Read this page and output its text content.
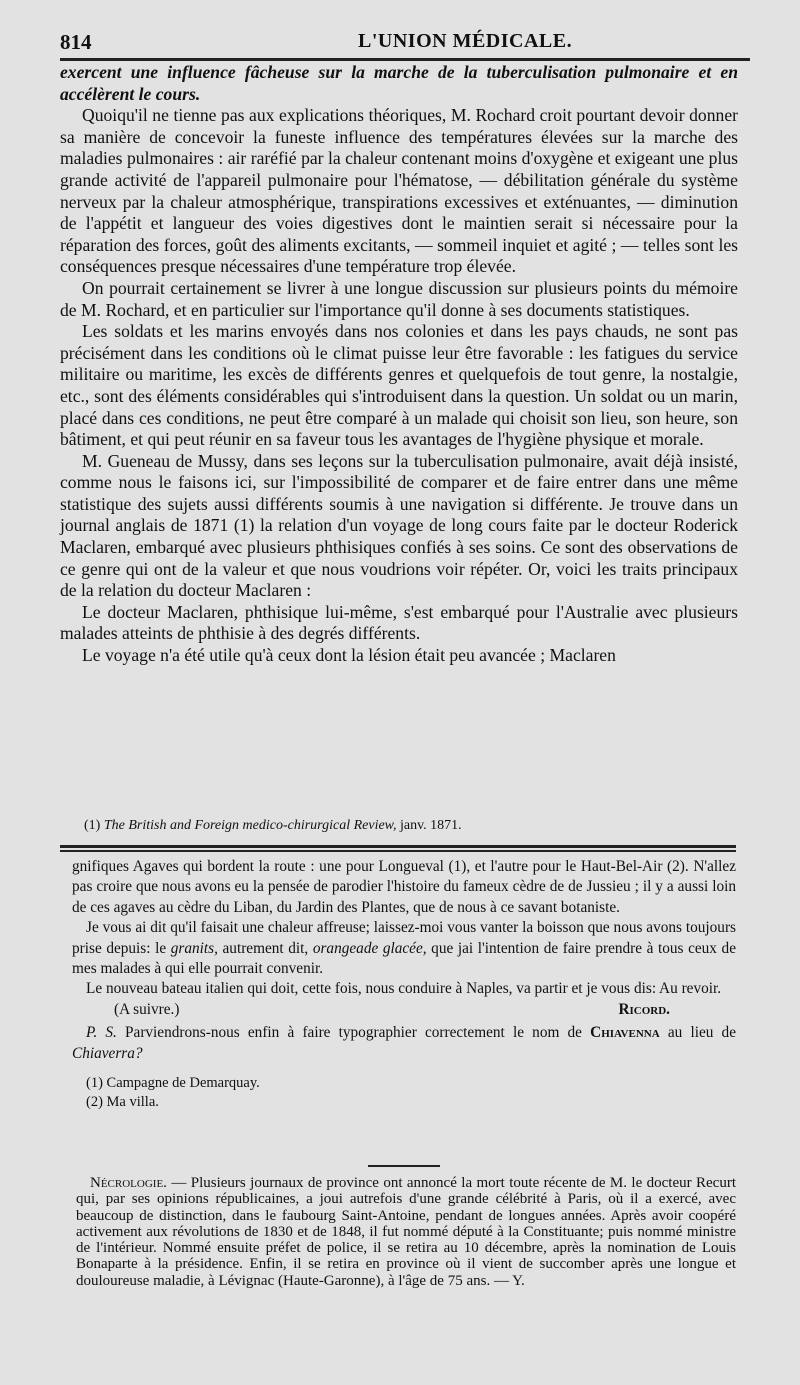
814	L'UNION MÉDICALE.

exercent une influence fâcheuse sur la marche de la tuberculisation pulmonaire et en accélèrent le cours.

Quoiqu'il ne tienne pas aux explications théoriques, M. Rochard croit pourtant devoir donner sa manière de concevoir la funeste influence des températures élevées sur la marche des maladies pulmonaires : air raréfié par la chaleur contenant moins d'oxygène et exigeant une plus grande activité de l'appareil pulmonaire pour l'hématose, — débilitation générale du système nerveux par la chaleur atmosphérique, transpirations excessives et exténuantes, — diminution de l'appétit et langueur des voies digestives dont le maintien serait si nécessaire pour la réparation des forces, goût des aliments excitants, — sommeil inquiet et agité ; — telles sont les conséquences presque nécessaires d'une température trop élevée.

On pourrait certainement se livrer à une longue discussion sur plusieurs points du mémoire de M. Rochard, et en particulier sur l'importance qu'il donne à ses documents statistiques.

Les soldats et les marins envoyés dans nos colonies et dans les pays chauds, ne sont pas précisément dans les conditions où le climat puisse leur être favorable : les fatigues du service militaire ou maritime, les excès de différents genres et quelquefois de tout genre, la nostalgie, etc., sont des éléments considérables qui s'introduisent dans la question. Un soldat ou un marin, placé dans ces conditions, ne peut être comparé à un malade qui choisit son lieu, son heure, son bâtiment, et qui peut réunir en sa faveur tous les avantages de l'hygiène physique et morale.

M. Gueneau de Mussy, dans ses leçons sur la tuberculisation pulmonaire, avait déjà insisté, comme nous le faisons ici, sur l'impossibilité de comparer et de faire entrer dans une même statistique des sujets aussi différents soumis à une navigation si différente. Je trouve dans un journal anglais de 1871 (1) la relation d'un voyage de long cours faite par le docteur Roderick Maclaren, embarqué avec plusieurs phthisiques confiés à ses soins. Ce sont des observations de ce genre qui ont de la valeur et que nous voudrions voir répéter. Or, voici les traits principaux de la relation du docteur Maclaren :

Le docteur Maclaren, phthisique lui-même, s'est embarqué pour l'Australie avec plusieurs malades atteints de phthisie à des degrés différents.

Le voyage n'a été utile qu'à ceux dont la lésion était peu avancée ; Maclaren

(1) The British and Foreign medico-chirurgical Review, janv. 1871.

gnifiques Agaves qui bordent la route : une pour Longueval (1), et l'autre pour le Haut-Bel-Air (2). N'allez pas croire que nous avons eu la pensée de parodier l'histoire du fameux cèdre de de Jussieu ; il y a aussi loin de ces agaves au cèdre du Liban, du Jardin des Plantes, que de nous à ce savant botaniste.

Je vous ai dit qu'il faisait une chaleur affreuse; laissez-moi vous vanter la boisson que nous avons toujours prise depuis: le granits, autrement dit, orangeade glacée, que jai l'intention de faire prendre à tous ceux de mes malades à qui elle pourrait convenir.

Le nouveau bateau italien qui doit, cette fois, nous conduire à Naples, va partir et je vous dis: Au revoir.

(A suivre.)	Ricord.

P. S. Parviendrons-nous enfin à faire typographier correctement le nom de Chiavenna au lieu de Chiaverra?

(1) Campagne de Demarquay.

(2) Ma villa.

Nécrologie. — Plusieurs journaux de province ont annoncé la mort toute récente de M. le docteur Recurt qui, par ses opinions républicaines, a joui autrefois d'une grande célébrité à Paris, où il a exercé, avec beaucoup de distinction, dans le faubourg Saint-Antoine, pendant de longues années. Après avoir coopéré activement aux révolutions de 1830 et de 1848, il fut nommé député à la Constituante; puis nommé ministre de l'intérieur. Nommé ensuite préfet de police, il se retira au 10 décembre, après la nomination de Louis Bonaparte à la présidence. Enfin, il se retira en province où il vient de succomber après une longue et douloureuse maladie, à Lévignac (Haute-Garonne), à l'âge de 75 ans. — Y.
